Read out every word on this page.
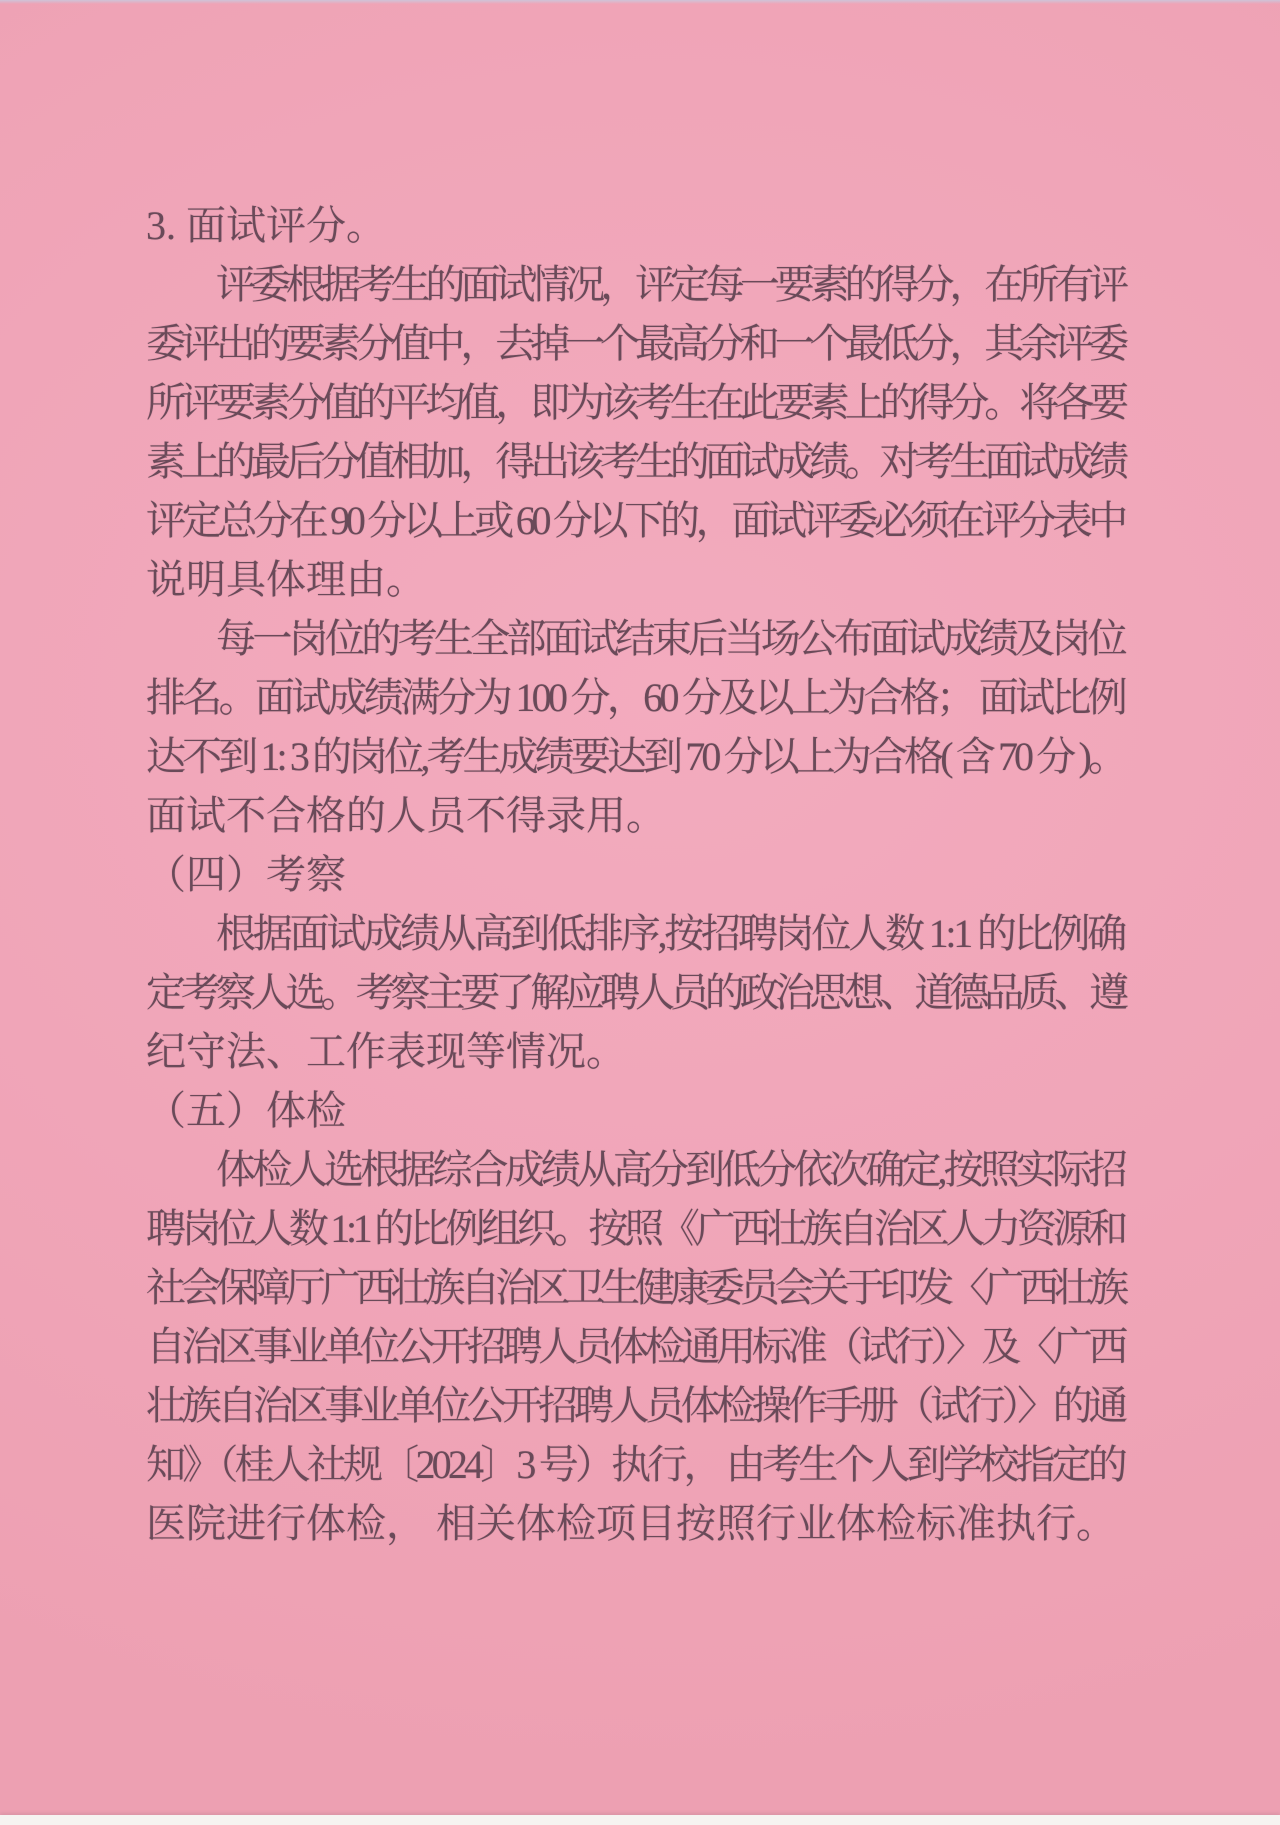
3. 面试评分。
评委根据考生的面试情况，评定每一要素的得分，在所有评
委评出的要素分值中，去掉一个最高分和一个最低分，其余评委
所评要素分值的平均值，即为该考生在此要素上的得分。将各要
素上的最后分值相加，得出该考生的面试成绩。对考生面试成绩
评定总分在 90 分以上或 60 分以下的，面试评委必须在评分表中
说明具体理由。
每一岗位的考生全部面试结束后当场公布面试成绩及岗位
排名。面试成绩满分为 100 分，60 分及以上为合格； 面试比例
达不到 1: 3 的岗位,考生成绩要达到 70 分以上为合格( 含 70 分 )。
面试不合格的人员不得录用。
（四）考察
根据面试成绩从高到低排序,按招聘岗位人数 1:1 的比例确
定考察人选。考察主要了解应聘人员的政治思想、道德品质、遵
纪守法、工作表现等情况。
（五）体检
体检人选根据综合成绩从高分到低分依次确定,按照实际招
聘岗位人数 1:1 的比例组织。按照《广西壮族自治区人力资源和
社会保障厅广西壮族自治区卫生健康委员会关于印发〈广西壮族
自治区事业单位公开招聘人员体检通用标准（试行）〉及〈广西
壮族自治区事业单位公开招聘人员体检操作手册（试行）〉的通
知》（桂人社规〔2024〕3 号）执行， 由考生个人到学校指定的
医院进行体检， 相关体检项目按照行业体检标准执行。
